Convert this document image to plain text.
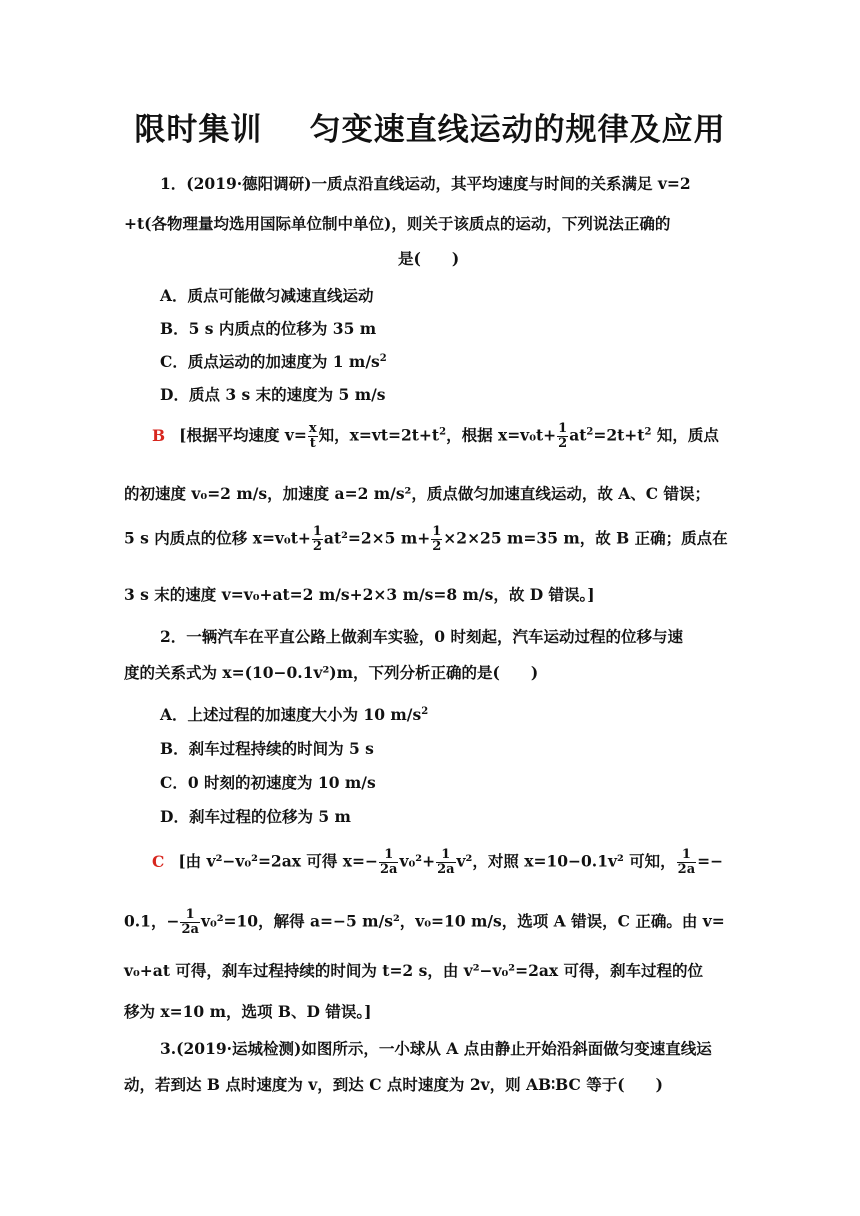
限时集训    匀变速直线运动的规律及应用
1．(2019·德阳调研)一质点沿直线运动，其平均速度与时间的关系满足 v=2
+t(各物理量均选用国际单位制中单位)，则关于该质点的运动，下列说法正确的
是(　　)
A．质点可能做匀减速直线运动
B．5 s 内质点的位移为 35 m
C．质点运动的加速度为 1 $m/s^2$
D．质点 3 s 末的速度为 5 m/s
B [根据平均速度 $v= \frac{x}{t}$ 知，$x=vt=2t+t^2$，根据 $x=v_0t+ \frac{1}{2} at^2=2t+t^2$ 知，质点
的初速度 v₀=2 m/s，加速度 a=2 m/s²，质点做匀加速直线运动，故 A、C 错误；
5 s 内质点的位移 $x=v_0t+ \frac{1}{2} at^2=2\times 5$ $m+ \frac{1}{2} \times 2\times 25$ m=35 m，故 B 正确；质点在
3 s 末的速度 v=v₀+at=2 m/s+2×3 m/s=8 m/s，故 D 错误。]
2．一辆汽车在平直公路上做刹车实验，0 时刻起，汽车运动过程的位移与速
度的关系式为 x=(10−0.1v²)m，下列分析正确的是(　　)
A．上述过程的加速度大小为 10 $m/s^2$
B．刹车过程持续的时间为 5 s
C．0 时刻的初速度为 10 m/s
D．刹车过程的位移为 5 m
C [由 v²−v₀²=2ax 可得 $x=- \frac{1}{2a} v_0^2+ \frac{1}{2a} v^2$，对照 x=10−0.1v² 可知， $\frac{1}{2a}$ =−
0.1，− $\frac{1}{2a} v_0^2=10$，解得 a=−5 m/s²，v₀=10 m/s，选项 A 错误，C 正确。由 v=
v₀+at 可得，刹车过程持续的时间为 t=2 s，由 v²−v₀²=2ax 可得，刹车过程的位
移为 x=10 m，选项 B、D 错误。]
3.(2019·运城检测)如图所示，一小球从 A 点由静止开始沿斜面做匀变速直线运
动，若到达 B 点时速度为 v，到达 C 点时速度为 2v，则 AB∶BC 等于(　　)
